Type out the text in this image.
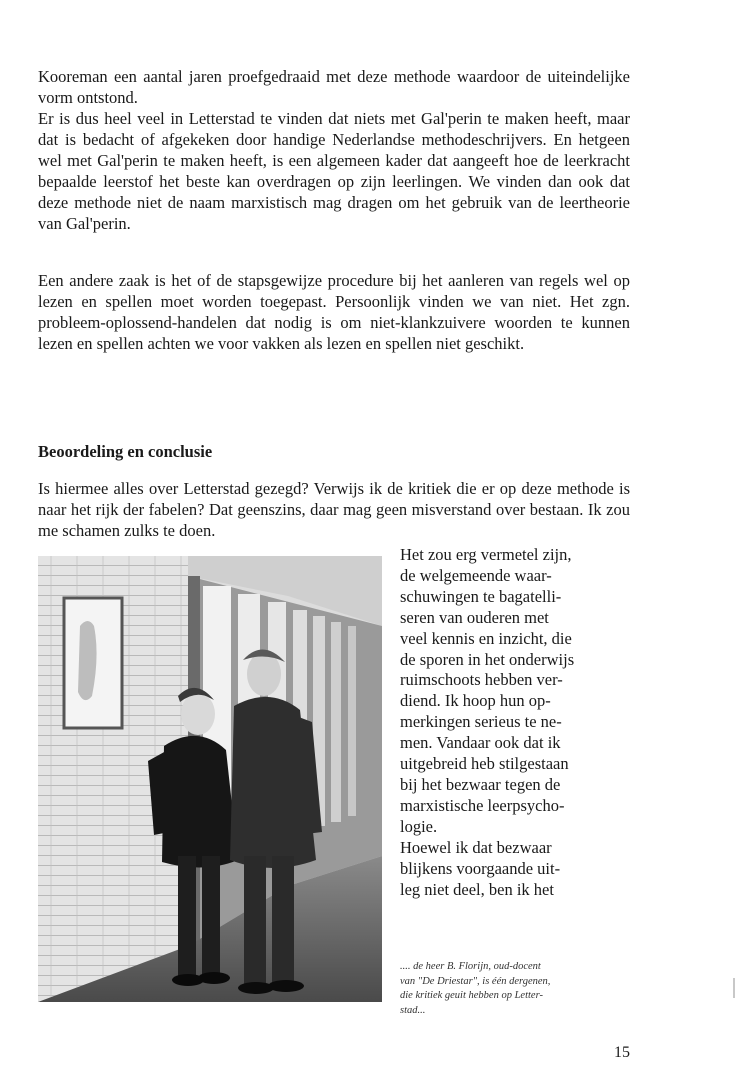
Kooreman een aantal jaren proefgedraaid met deze methode waardoor de uiteindelijke vorm ontstond.

Er is dus heel veel in Letterstad te vinden dat niets met Gal'perin te maken heeft, maar dat is bedacht of afgekeken door handige Nederlandse methodeschrijvers. En hetgeen wel met Gal'perin te maken heeft, is een algemeen kader dat aangeeft hoe de leerkracht bepaalde leerstof het beste kan overdragen op zijn leerlingen. We vinden dan ook dat deze methode niet de naam marxistisch mag dragen om het gebruik van de leertheorie van Gal'perin.

Een andere zaak is het of de stapsgewijze procedure bij het aanleren van regels wel op lezen en spellen moet worden toegepast. Persoonlijk vinden we van niet. Het zgn. probleem-oplossend-handelen dat nodig is om niet-klankzuivere woorden te kunnen lezen en spellen achten we voor vakken als lezen en spellen niet geschikt.

Beoordeling en conclusie

Is hiermee alles over Letterstad gezegd? Verwijs ik de kritiek die er op deze methode is naar het rijk der fabelen? Dat geenszins, daar mag geen misverstand over bestaan. Ik zou me schamen zulks te doen.

Het zou erg vermetel zijn,
de welgemeende waar-
schuwingen te bagatelli-
seren van ouderen met
veel kennis en inzicht, die
de sporen in het onderwijs
ruimschoots hebben ver-
diend. Ik hoop hun op-
merkingen serieus te ne-
men. Vandaar ook dat ik
uitgebreid heb stilgestaan
bij het bezwaar tegen de
marxistische leerpsycho-
logie.
Hoewel ik dat bezwaar
blijkens voorgaande uit-
leg niet deel, ben ik het
.... de heer B. Florijn, oud-docent
van "De Driestar", is één dergenen,
die kritiek geuit hebben op Letter-
stad...
15
